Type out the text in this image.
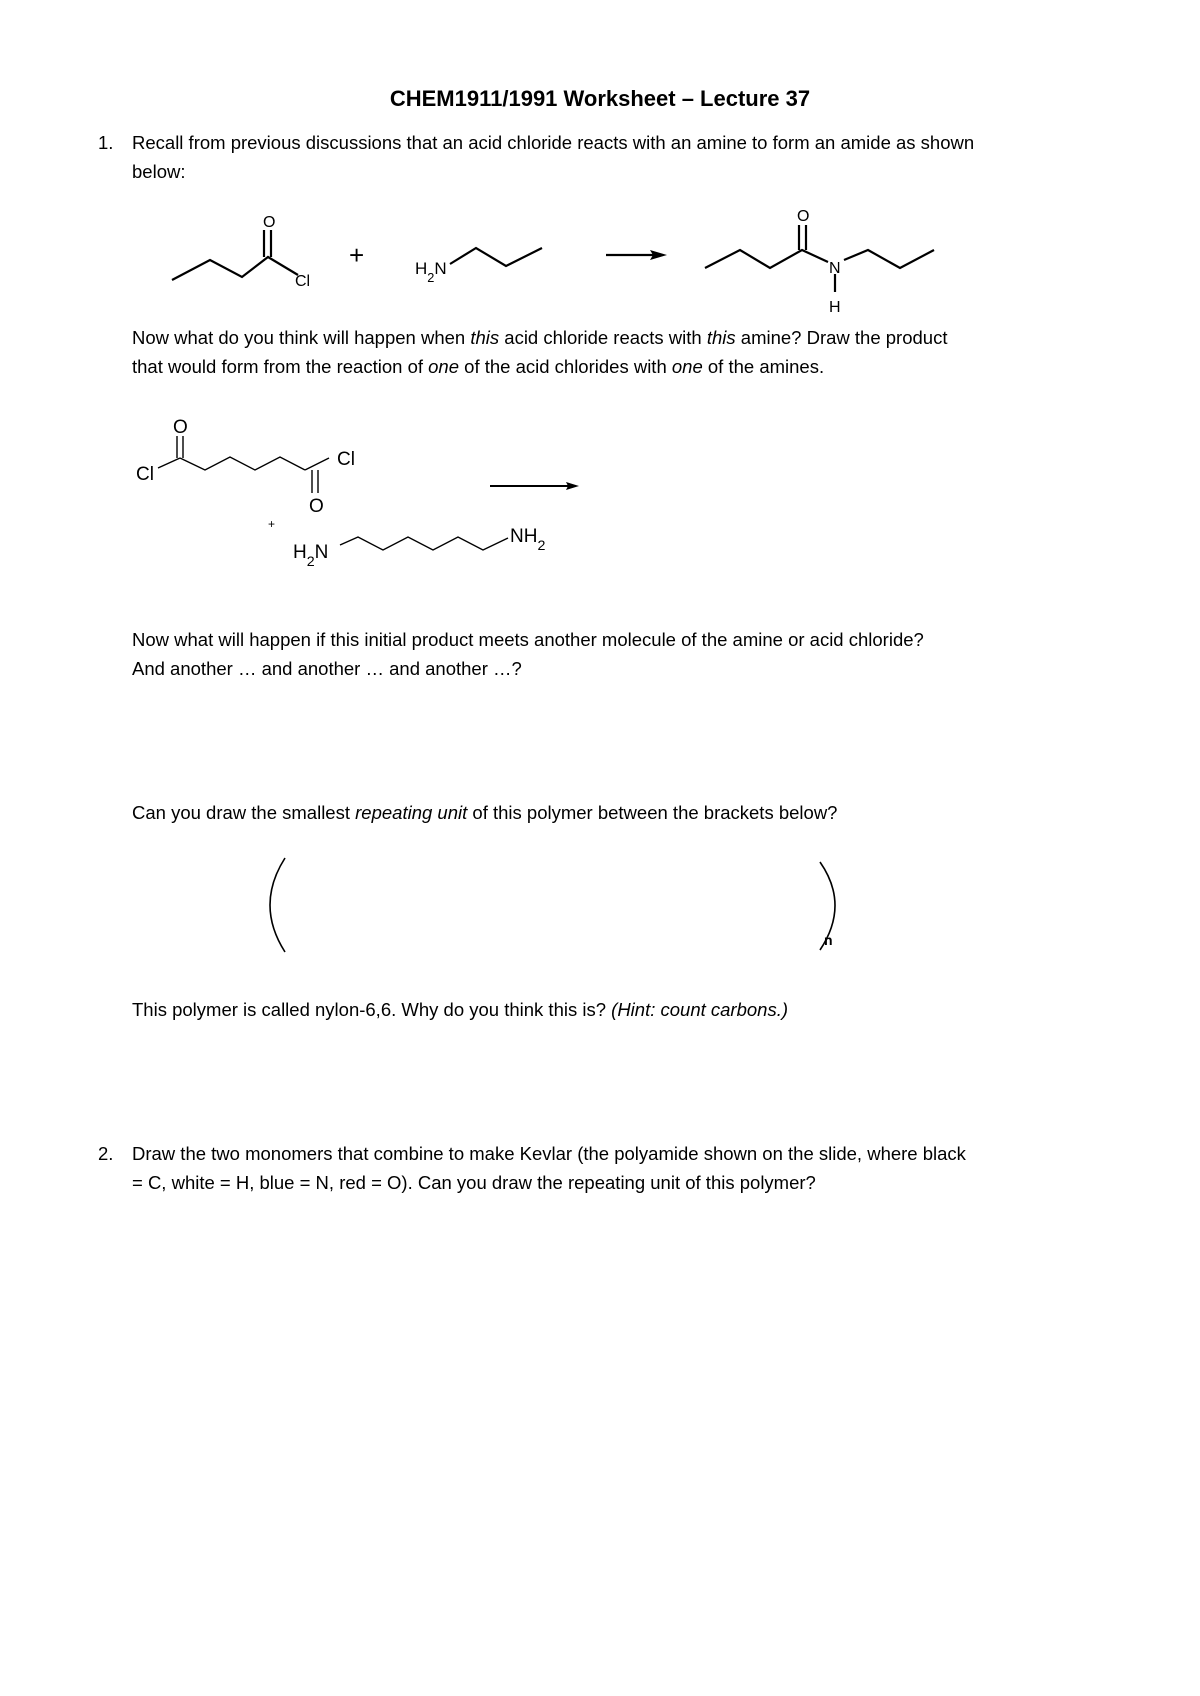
CHEM1911/1991 Worksheet – Lecture 37
1. Recall from previous discussions that an acid chloride reacts with an amine to form an amide as shown
below:
O
Cl
+	$H_2N$
O
N
H
Now what do you think will happen when this acid chloride reacts with this amine? Draw the product
that would form from the reaction of one of the acid chlorides with one of the amines.
O
Cl
Cl
O
+
$H_2N$
$NH_2$
Now what will happen if this initial product meets another molecule of the amine or acid chloride?
And another … and another … and another …?
Can you draw the smallest repeating unit of this polymer between the brackets below?
n
This polymer is called nylon-6,6. Why do you think this is? (Hint: count carbons.)
2. Draw the two monomers that combine to make Kevlar (the polyamide shown on the slide, where black
= C, white = H, blue = N, red = O). Can you draw the repeating unit of this polymer?
